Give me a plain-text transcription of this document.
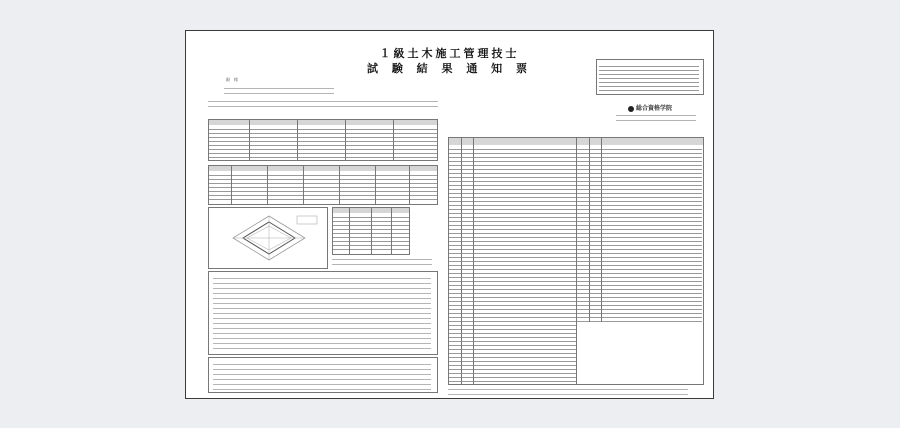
１級土木施工管理技士
試 験 結 果 通 知 票
総合資格学院
殿　様
